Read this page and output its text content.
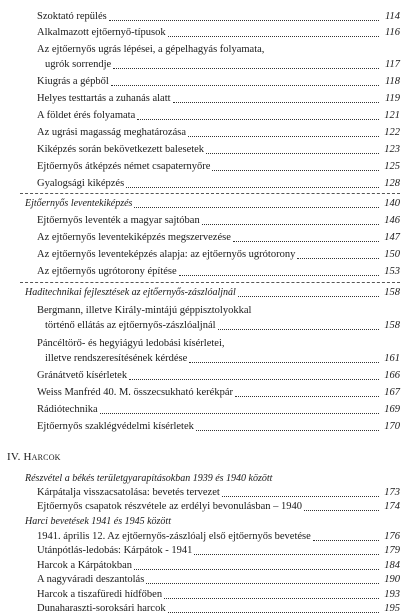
Szoktató repülés	114
Alkalmazott ejtőernyő-típusok	116
Az ejtőernyős ugrás lépései, a gépelhagyás folyamata,
ugrók sorrendje	117
Kiugrás a gépből	118
Helyes testtartás a zuhanás alatt	119
A földet érés folyamata	121
Az ugrási magasság meghatározása	122
Kiképzés során bekövetkezett balesetek	123
Ejtőernyős átképzés német csapaternyőre	125
Gyalogsági kiképzés	128
Ejtőernyős leventekiképzés	140
Ejtőernyős leventék a magyar sajtóban	146
Az ejtőernyős leventekiképzés megszervezése	147
Az ejtőernyős leventeképzés alapja: az ejtőernyős ugrótorony	150
Az ejtőernyős ugrótorony építése	153
Haditechnikai fejlesztések az ejtőernyős-zászlóaljnál	158
Bergmann, illetve Király-mintájú géppisztolyokkal
történő ellátás az ejtőernyős-zászlóaljnál	158
Páncéltörő- és hegyiágyú ledobási kísérletei,
illetve rendszeresítésének kérdése	161
Gránátvető kísérletek	166
Weiss Manfréd 40. M. összecsukható kerékpár	167
Rádiótechnika	169
Ejtőernyős szaklégvédelmi kísérletek	170
IV. Harcok
Részvétel a békés területgyarapításokban 1939 és 1940 között
Kárpátalja visszacsatolása: bevetés tervezet	173
Ejtőernyős csapatok részvétele az erdélyi bevonulásban – 1940	174
Harci bevetések 1941 és 1945 között
1941. április 12. Az ejtőernyős-zászlóalj első ejtőernyős bevetése	176
Utánpótlás-ledobás: Kárpátok - 1941	179
Harcok a Kárpátokban	184
A nagyváradi deszantolás	190
Harcok a tiszafüredi hídfőben	193
Dunaharaszti-soroksári harcok	195
